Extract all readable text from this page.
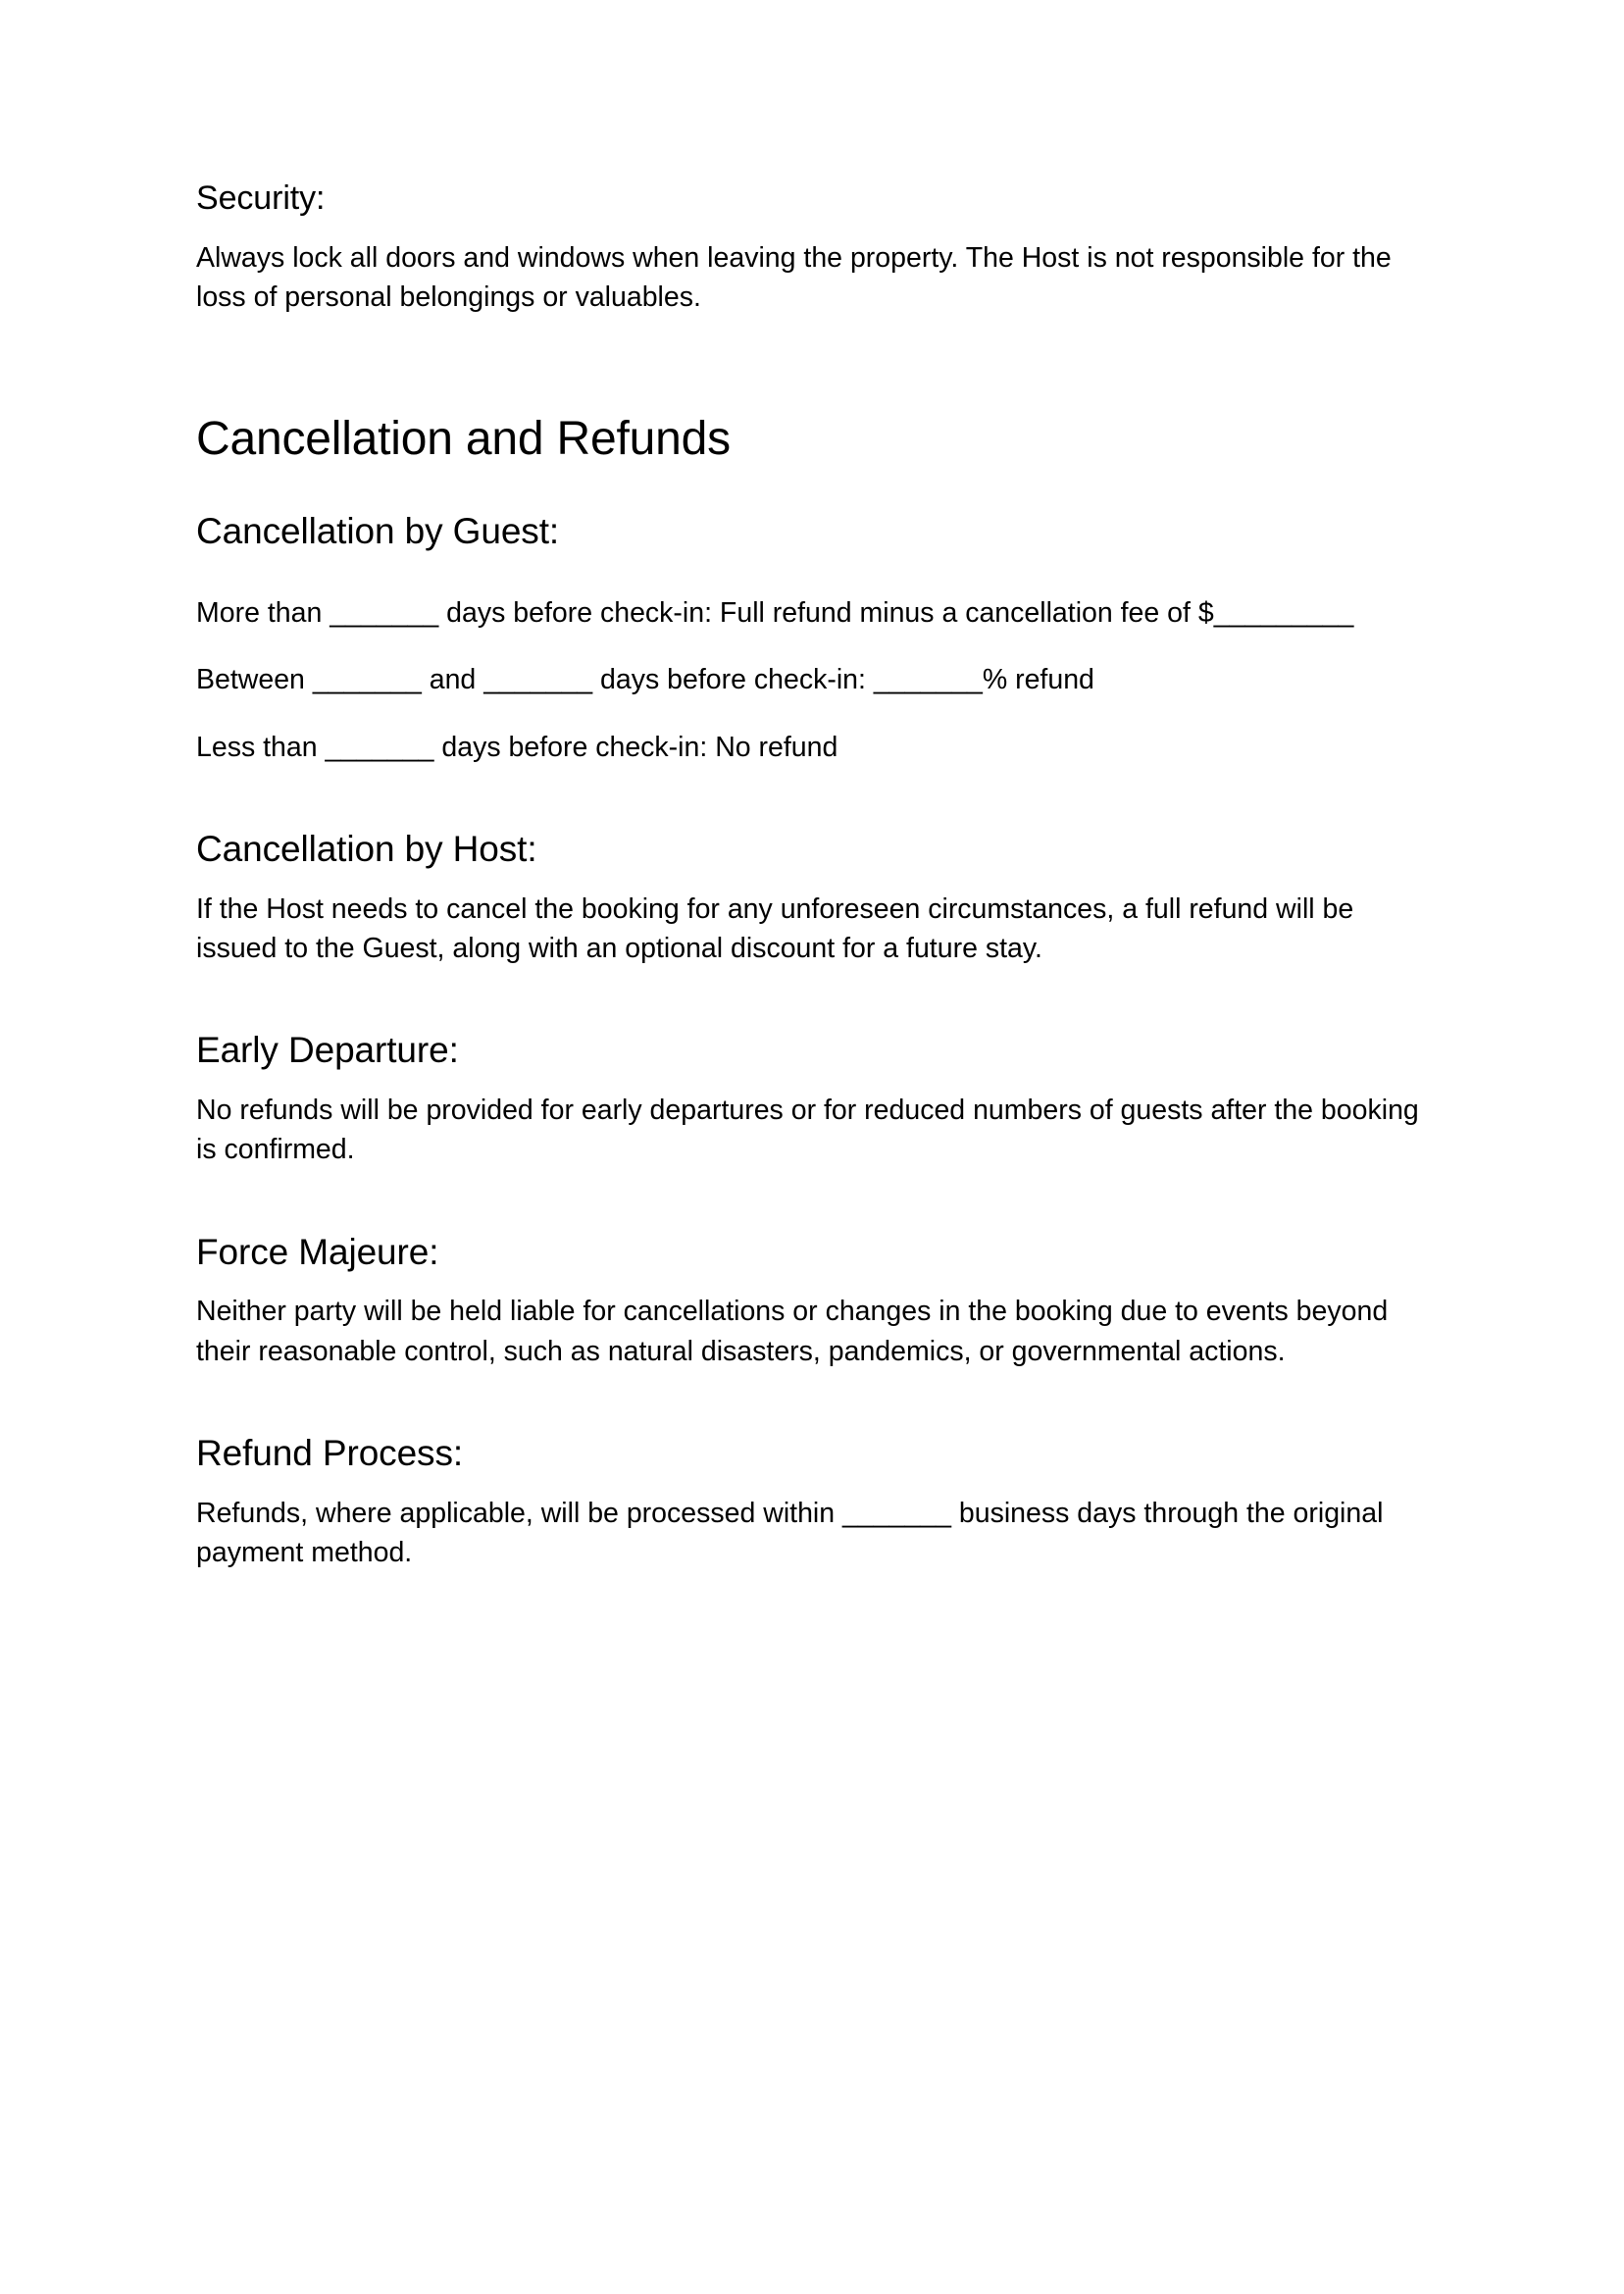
Security:

Always lock all doors and windows when leaving the property. The Host is not responsible for the loss of personal belongings or valuables.

Cancellation and Refunds
Cancellation by Guest:

More than _______ days before check-in: Full refund minus a cancellation fee of $_________

Between _______ and _______ days before check-in: _______% refund

Less than _______ days before check-in: No refund

Cancellation by Host:

If the Host needs to cancel the booking for any unforeseen circumstances, a full refund will be issued to the Guest, along with an optional discount for a future stay.

Early Departure:

No refunds will be provided for early departures or for reduced numbers of guests after the booking is confirmed.

Force Majeure:

Neither party will be held liable for cancellations or changes in the booking due to events beyond their reasonable control, such as natural disasters, pandemics, or governmental actions.

Refund Process:

Refunds, where applicable, will be processed within _______ business days through the original payment method.
